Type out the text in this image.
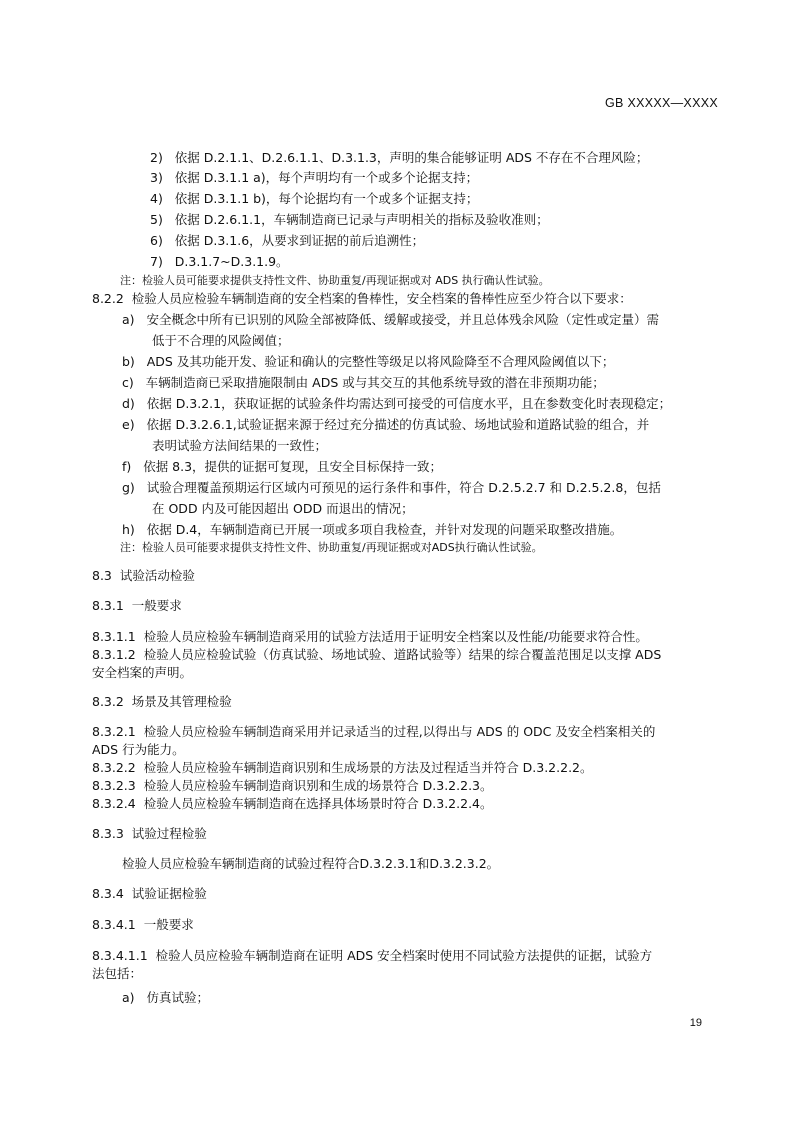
GB XXXXX—XXXX
2) 依据 D.2.1.1、D.2.6.1.1、D.3.1.3，声明的集合能够证明 ADS 不存在不合理风险；
3) 依据 D.3.1.1 a)，每个声明均有一个或多个论据支持；
4) 依据 D.3.1.1 b)，每个论据均有一个或多个证据支持；
5) 依据 D.2.6.1.1，车辆制造商已记录与声明相关的指标及验收准则；
6) 依据 D.3.1.6，从要求到证据的前后追溯性；
7) D.3.1.7~D.3.1.9。
注：检验人员可能要求提供支持性文件、协助重复/再现证据或对 ADS 执行确认性试验。
8.2.2 检验人员应检验车辆制造商的安全档案的鲁棒性，安全档案的鲁棒性应至少符合以下要求：
a) 安全概念中所有已识别的风险全部被降低、缓解或接受，并且总体残余风险（定性或定量）需
低于不合理的风险阈值；
b) ADS 及其功能开发、验证和确认的完整性等级足以将风险降至不合理风险阈值以下；
c) 车辆制造商已采取措施限制由 ADS 或与其交互的其他系统导致的潜在非预期功能；
d) 依据 D.3.2.1，获取证据的试验条件均需达到可接受的可信度水平，且在参数变化时表现稳定；
e) 依据 D.3.2.6.1,试验证据来源于经过充分描述的仿真试验、场地试验和道路试验的组合，并
表明试验方法间结果的一致性；
f) 依据 8.3，提供的证据可复现，且安全目标保持一致；
g) 试验合理覆盖预期运行区域内可预见的运行条件和事件，符合 D.2.5.2.7 和 D.2.5.2.8，包括
在 ODD 内及可能因超出 ODD 而退出的情况；
h) 依据 D.4，车辆制造商已开展一项或多项自我检查，并针对发现的问题采取整改措施。
注：检验人员可能要求提供支持性文件、协助重复/再现证据或对ADS执行确认性试验。
8.3 试验活动检验
8.3.1 一般要求
8.3.1.1 检验人员应检验车辆制造商采用的试验方法适用于证明安全档案以及性能/功能要求符合性。
8.3.1.2 检验人员应检验试验（仿真试验、场地试验、道路试验等）结果的综合覆盖范围足以支撑 ADS
安全档案的声明。
8.3.2 场景及其管理检验
8.3.2.1 检验人员应检验车辆制造商采用并记录适当的过程,以得出与 ADS 的 ODC 及安全档案相关的
ADS 行为能力。
8.3.2.2 检验人员应检验车辆制造商识别和生成场景的方法及过程适当并符合 D.3.2.2.2。
8.3.2.3 检验人员应检验车辆制造商识别和生成的场景符合 D.3.2.2.3。
8.3.2.4 检验人员应检验车辆制造商在选择具体场景时符合 D.3.2.2.4。
8.3.3 试验过程检验
检验人员应检验车辆制造商的试验过程符合D.3.2.3.1和D.3.2.3.2。
8.3.4 试验证据检验
8.3.4.1 一般要求
8.3.4.1.1 检验人员应检验车辆制造商在证明 ADS 安全档案时使用不同试验方法提供的证据，试验方
法包括：
a) 仿真试验；
19
